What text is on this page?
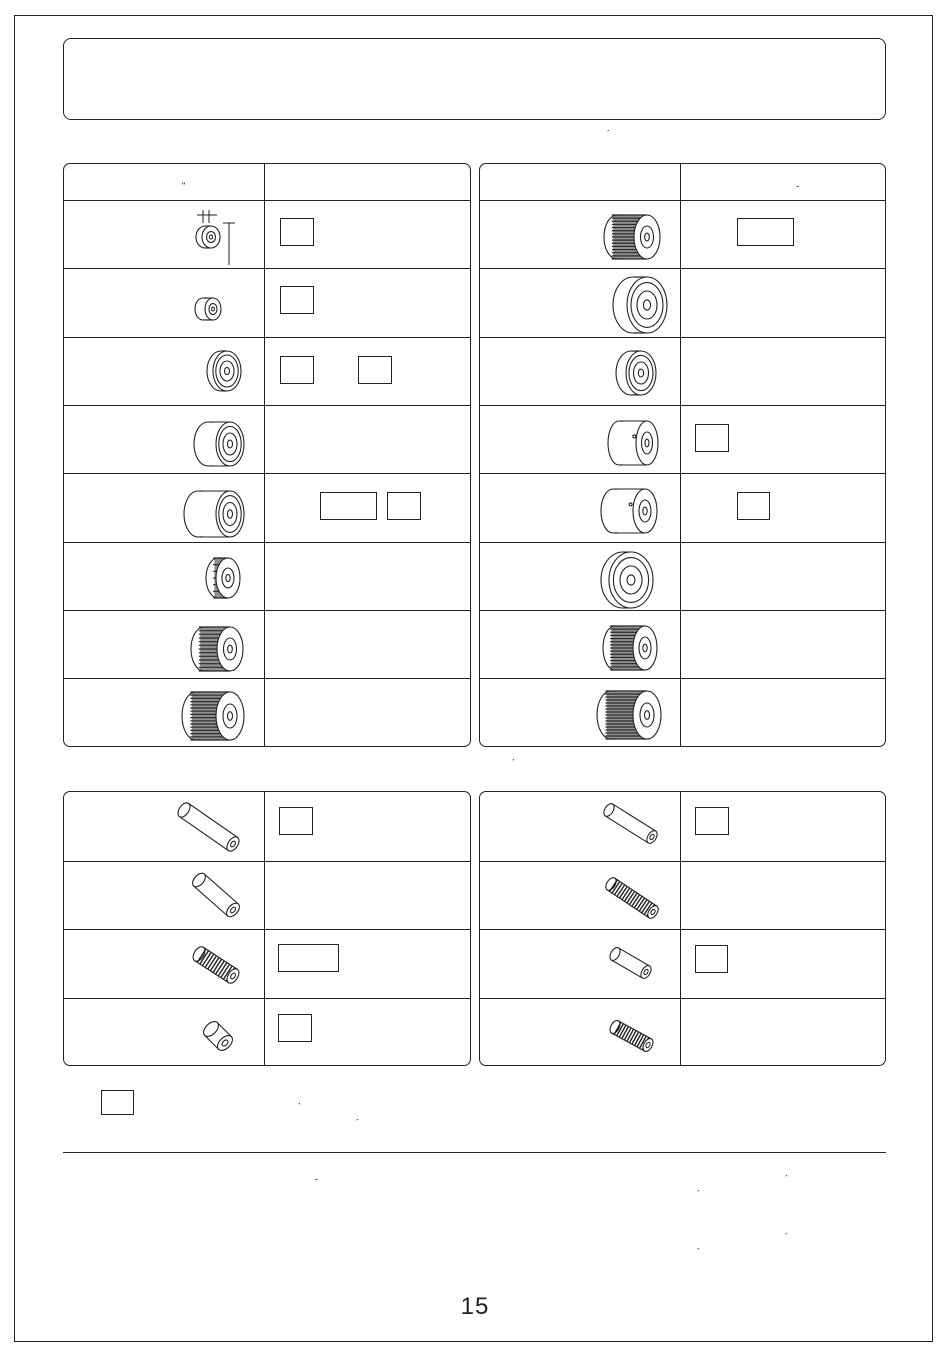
´
"	-
´
`
´
-	´
´
´
´
15
